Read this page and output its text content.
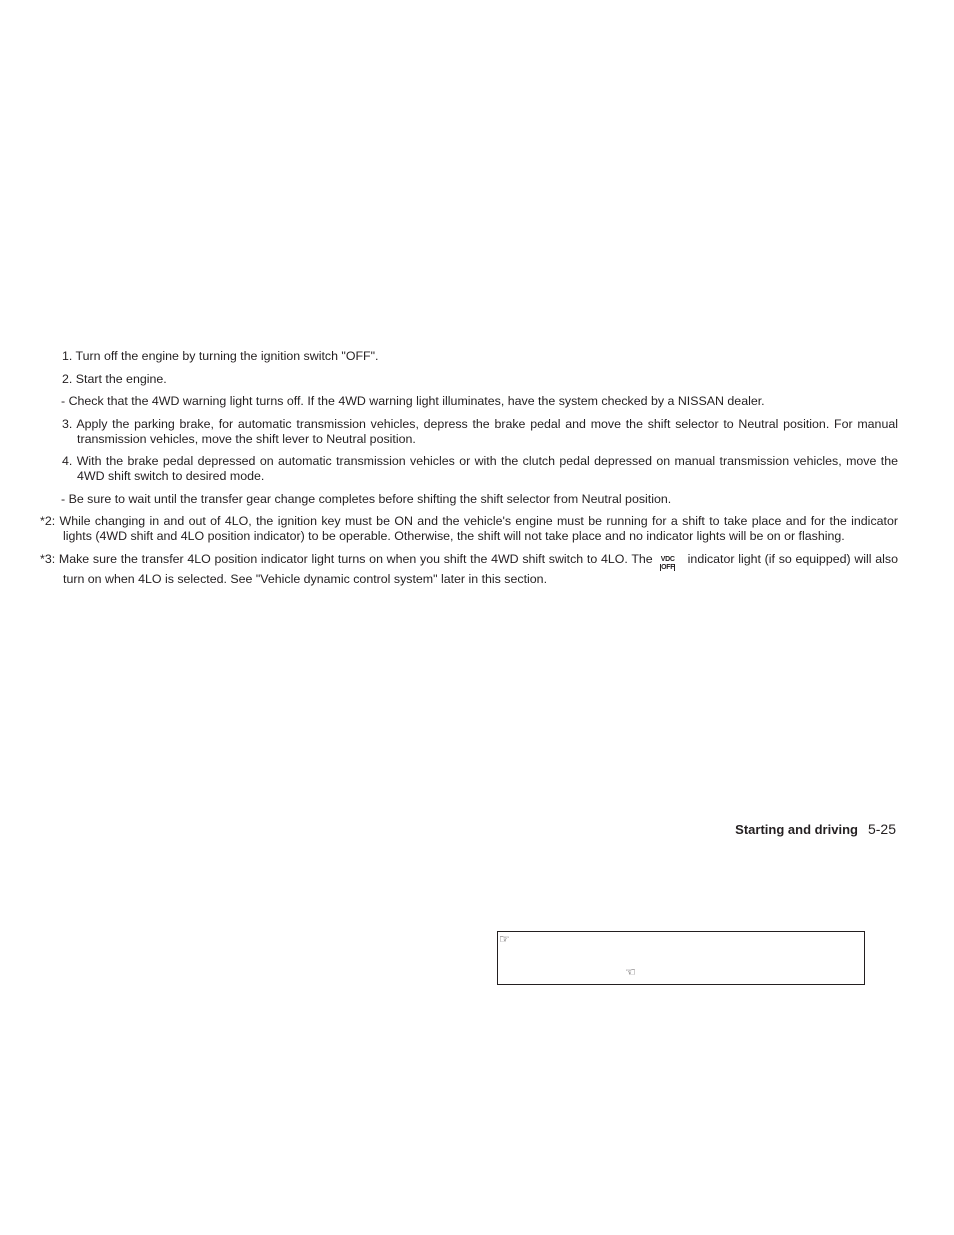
1. Turn off the engine by turning the ignition switch "OFF".
2. Start the engine.
- Check that the 4WD warning light turns off. If the 4WD warning light illuminates, have the system checked by a NISSAN dealer.
3. Apply the parking brake, for automatic transmission vehicles, depress the brake pedal and move the shift selector to Neutral position. For manual transmission vehicles, move the shift lever to Neutral position.
4. With the brake pedal depressed on automatic transmission vehicles or with the clutch pedal depressed on manual transmission vehicles, move the 4WD shift switch to desired mode.
- Be sure to wait until the transfer gear change completes before shifting the shift selector from Neutral position.
*2: While changing in and out of 4LO, the ignition key must be ON and the vehicle's engine must be running for a shift to take place and for the indicator lights (4WD shift and 4LO position indicator) to be operable. Otherwise, the shift will not take place and no indicator lights will be on or flashing.
*3: Make sure the transfer 4LO position indicator light turns on when you shift the 4WD shift switch to 4LO. The	VDC
OFFindicator light (if so equipped) will also turn on when 4LO is selected. See "Vehicle dynamic control system" later in this section.
Starting and driving 5-25
☞
☜
